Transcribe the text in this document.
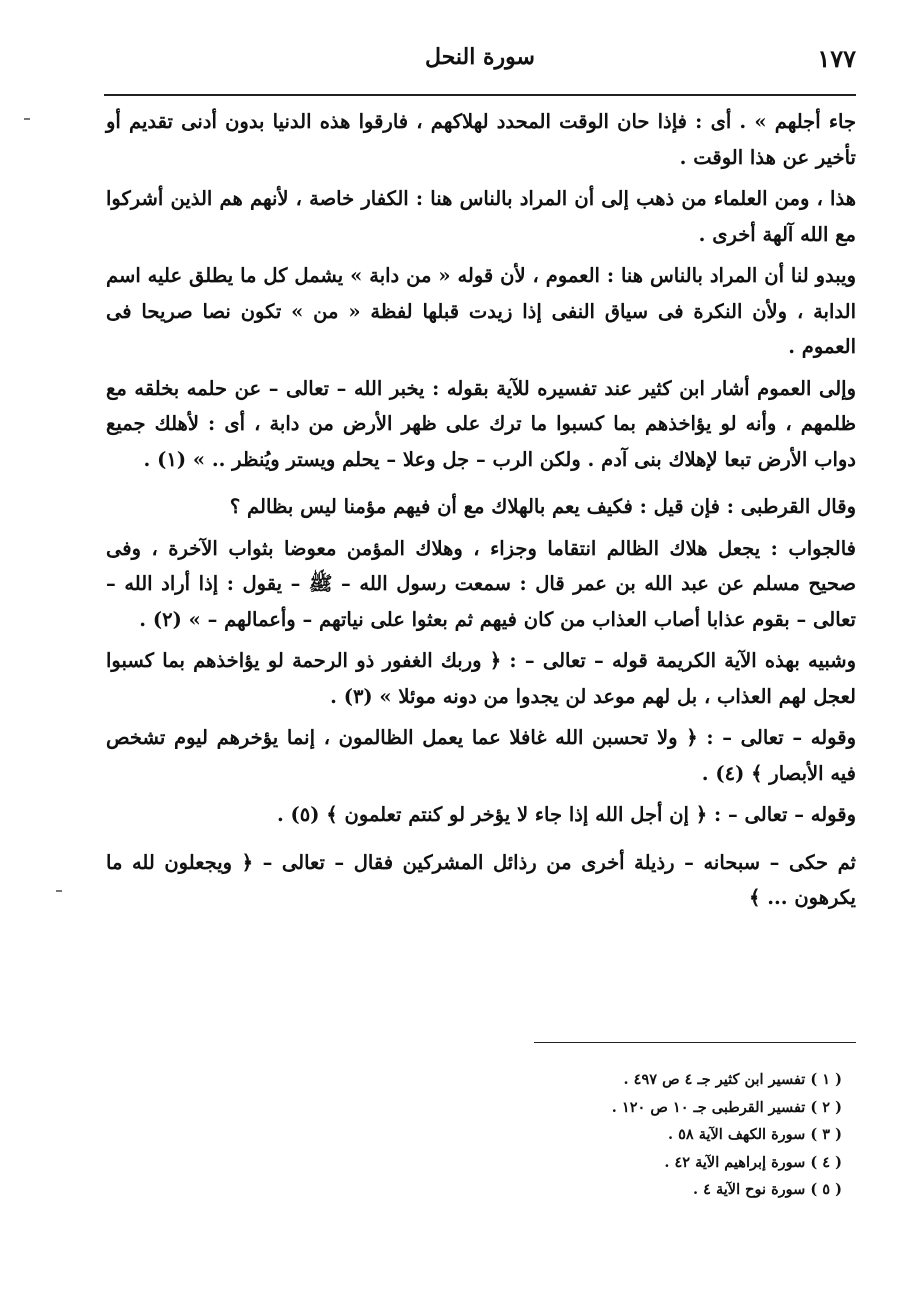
١٧٧
سورة النحل

جاء أجلهم » . أى : فإذا حان الوقت المحدد لهلاكهم ، فارقوا هذه الدنيا بدون أدنى تقديم أو تأخير عن هذا الوقت .

هذا ، ومن العلماء من ذهب إلى أن المراد بالناس هنا : الكفار خاصة ، لأنهم هم الذين أشركوا مع الله آلهة أخرى .

ويبدو لنا أن المراد بالناس هنا : العموم ، لأن قوله « من دابة » يشمل كل ما يطلق عليه اسم الدابة ، ولأن النكرة فى سياق النفى إذا زيدت قبلها لفظة « من » تكون نصا صريحا فى العموم .

وإلى العموم أشار ابن كثير عند تفسيره للآية بقوله : يخبر الله – تعالى – عن حلمه بخلقه مع ظلمهم ، وأنه لو يؤاخذهم بما كسبوا ما ترك على ظهر الأرض من دابة ، أى : لأهلك جميع دواب الأرض تبعا لإهلاك بنى آدم . ولكن الرب – جل وعلا – يحلم ويستر ويُنظر .. » (١) .

وقال القرطبى : فإن قيل : فكيف يعم بالهلاك مع أن فيهم مؤمنا ليس بظالم ؟

فالجواب : يجعل هلاك الظالم انتقاما وجزاء ، وهلاك المؤمن معوضا بثواب الآخرة ، وفى صحيح مسلم عن عبد الله بن عمر قال : سمعت رسول الله – ﷺ – يقول : إذا أراد الله – تعالى – بقوم عذابا أصاب العذاب من كان فيهم ثم بعثوا على نياتهم – وأعمالهم – » (٢) .

وشبيه بهذه الآية الكريمة قوله – تعالى – : ﴿ وربك الغفور ذو الرحمة لو يؤاخذهم بما كسبوا لعجل لهم العذاب ، بل لهم موعد لن يجدوا من دونه موئلا » (٣) .

وقوله – تعالى – : ﴿ ولا تحسبن الله غافلا عما يعمل الظالمون ، إنما يؤخرهم ليوم تشخص فيه الأبصار ﴾ (٤) .

وقوله – تعالى – : ﴿ إن أجل الله إذا جاء لا يؤخر لو كنتم تعلمون ﴾ (٥) .

ثم حكى – سبحانه – رذيلة أخرى من رذائل المشركين فقال – تعالى – ﴿ ويجعلون لله ما يكرهون ... ﴾

( ١ ) تفسير ابن كثير جـ ٤ ص ٤٩٧ .
( ٢ ) تفسير القرطبى جـ ١٠ ص ١٢٠ .
( ٣ ) سورة الكهف الآية ٥٨ .
( ٤ ) سورة إبراهيم الآية ٤٢ .
( ٥ ) سورة نوح الآية ٤ .
